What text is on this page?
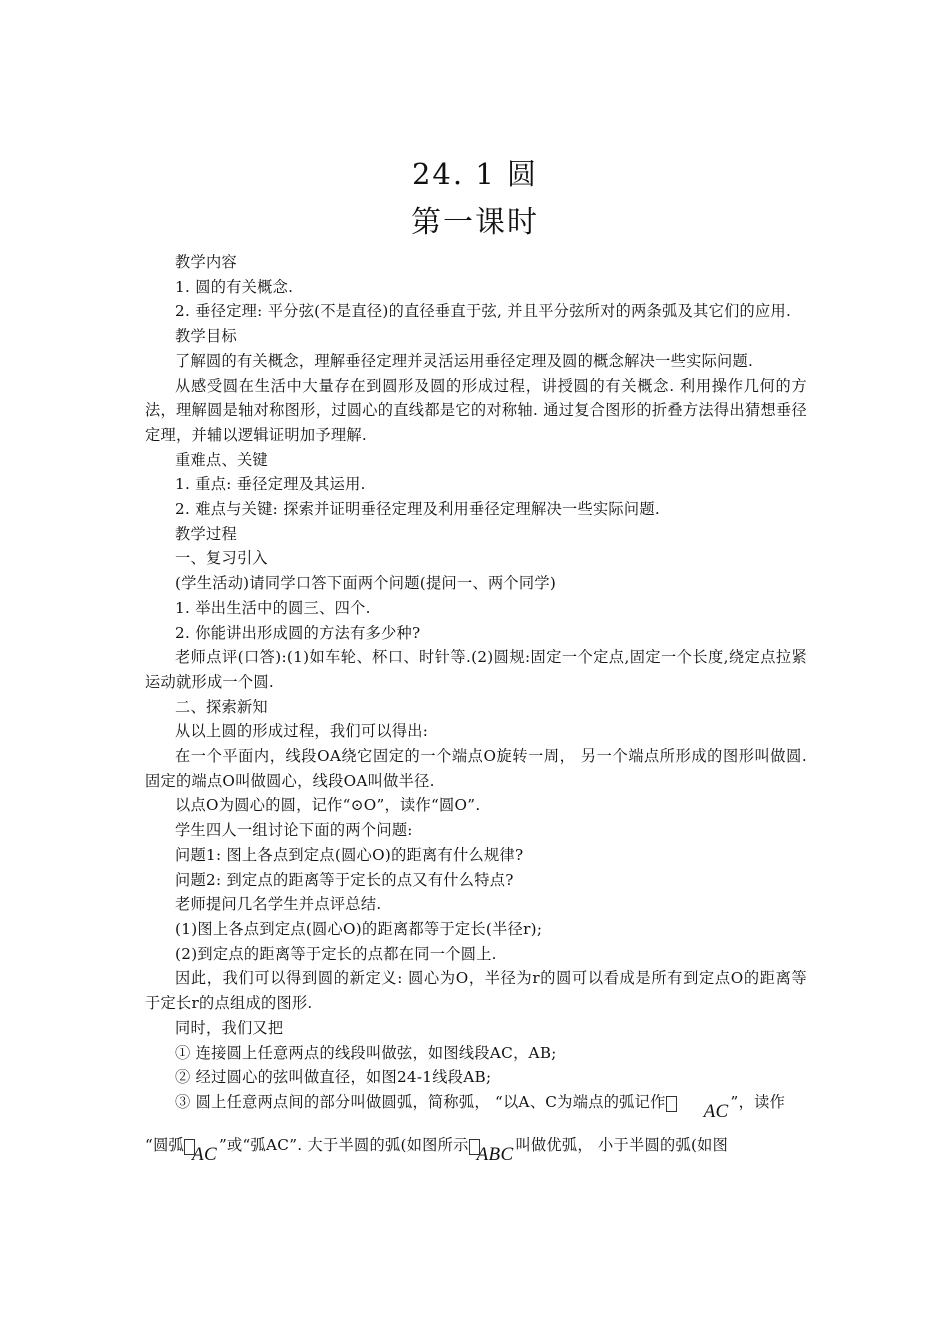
24. 1 圆
第一课时

教学内容

1. 圆的有关概念.

2. 垂径定理: 平分弦(不是直径)的直径垂直于弦, 并且平分弦所对的两条弧及其它们的应用.

教学目标

了解圆的有关概念，理解垂径定理并灵活运用垂径定理及圆的概念解决一些实际问题.

从感受圆在生活中大量存在到圆形及圆的形成过程，讲授圆的有关概念. 利用操作几何的方法，理解圆是轴对称图形，过圆心的直线都是它的对称轴. 通过复合图形的折叠方法得出猜想垂径定理，并辅以逻辑证明加予理解.

重难点、关键

1. 重点: 垂径定理及其运用.

2. 难点与关键: 探索并证明垂径定理及利用垂径定理解决一些实际问题.

教学过程

一、复习引入

(学生活动)请同学口答下面两个问题(提问一、两个同学)

1. 举出生活中的圆三、四个.

2. 你能讲出形成圆的方法有多少种?

老师点评(口答):(1)如车轮、杯口、时针等.(2)圆规:固定一个定点,固定一个长度,绕定点拉紧运动就形成一个圆.

二、探索新知

从以上圆的形成过程，我们可以得出:

在一个平面内，线段OA绕它固定的一个端点O旋转一周， 另一个端点所形成的图形叫做圆. 固定的端点O叫做圆心，线段OA叫做半径.

以点O为圆心的圆，记作“⊙O”，读作“圆O”.

学生四人一组讨论下面的两个问题:

问题1: 图上各点到定点(圆心O)的距离有什么规律?

问题2: 到定点的距离等于定长的点又有什么特点?

老师提问几名学生并点评总结.

(1)图上各点到定点(圆心O)的距离都等于定长(半径r);

(2)到定点的距离等于定长的点都在同一个圆上.

因此，我们可以得到圆的新定义: 圆心为O，半径为r的圆可以看成是所有到定点O的距离等于定长r的点组成的图形.

同时，我们又把

① 连接圆上任意两点的线段叫做弦，如图线段AC，AB;

② 经过圆心的弦叫做直径，如图24-1线段AB;

③ 圆上任意两点间的部分叫做圆弧，简称弧， “以A、C为端点的弧记作 AC ”，读作

“圆弧 AC ”或“弧AC”. 大于半圆的弧(如图所示 ABC 叫做优弧， 小于半圆的弧(如图
